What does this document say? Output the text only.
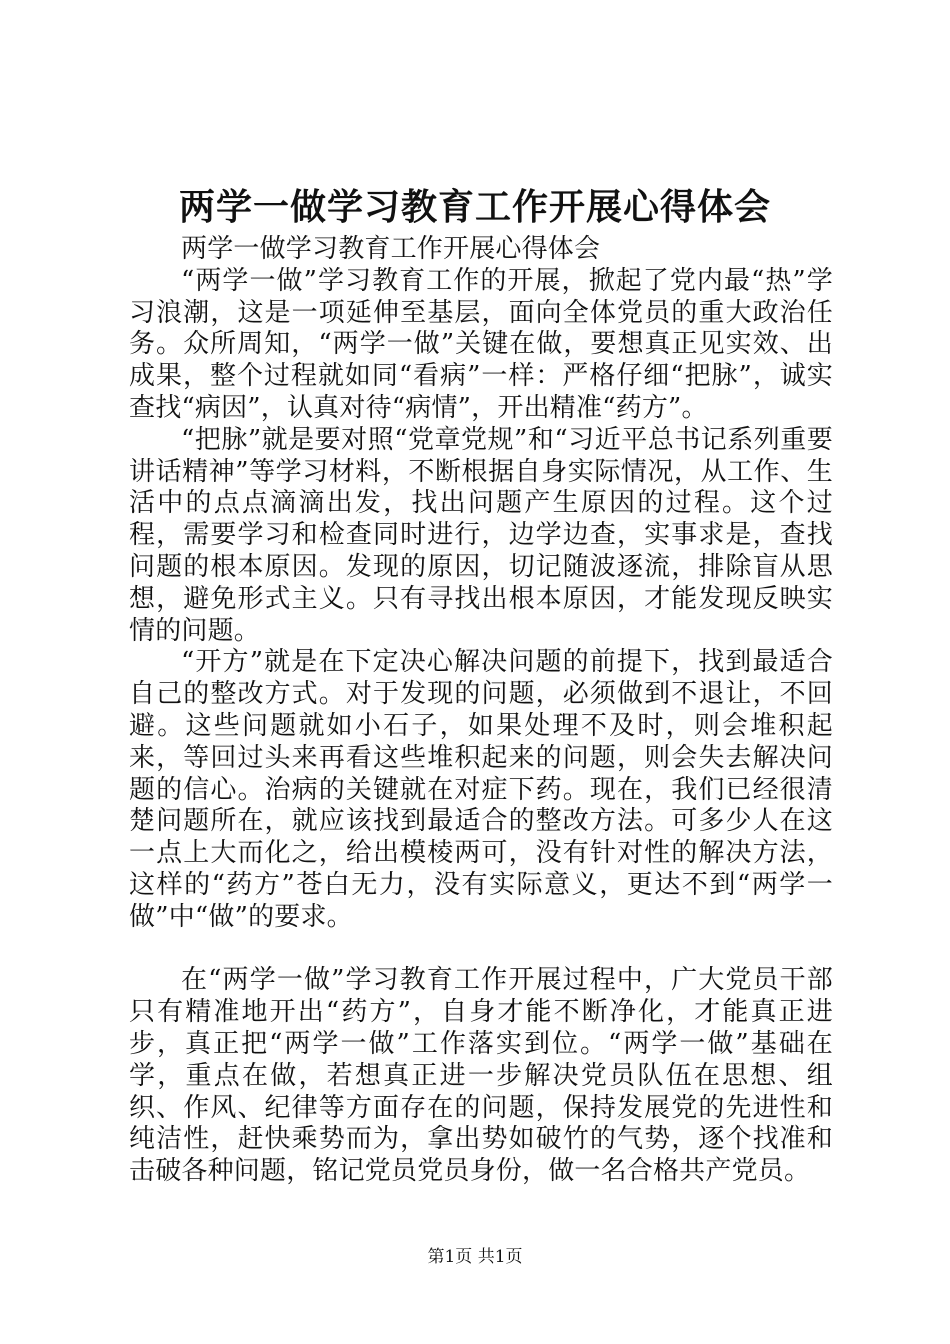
两学一做学习教育工作开展心得体会

两学一做学习教育工作开展心得体会

“两学一做”学习教育工作的开展，掀起了党内最“热”学习浪潮，这是一项延伸至基层，面向全体党员的重大政治任务。众所周知，“两学一做”关键在做，要想真正见实效、出成果，整个过程就如同“看病”一样：严格仔细“把脉”，诚实查找“病因”，认真对待“病情”，开出精准“药方”。

“把脉”就是要对照“党章党规”和“习近平总书记系列重要讲话精神”等学习材料，不断根据自身实际情况，从工作、生活中的点点滴滴出发，找出问题产生原因的过程。这个过程，需要学习和检查同时进行，边学边查，实事求是，查找问题的根本原因。发现的原因，切记随波逐流，排除盲从思想，避免形式主义。只有寻找出根本原因，才能发现反映实情的问题。

“开方”就是在下定决心解决问题的前提下，找到最适合自己的整改方式。对于发现的问题，必须做到不退让，不回避。这些问题就如小石子，如果处理不及时，则会堆积起来，等回过头来再看这些堆积起来的问题，则会失去解决问题的信心。治病的关键就在对症下药。现在，我们已经很清楚问题所在，就应该找到最适合的整改方法。可多少人在这一点上大而化之，给出模棱两可，没有针对性的解决方法，这样的“药方”苍白无力，没有实际意义，更达不到“两学一做”中“做”的要求。

在“两学一做”学习教育工作开展过程中，广大党员干部只有精准地开出“药方”，自身才能不断净化，才能真正进步，真正把“两学一做”工作落实到位。“两学一做”基础在学，重点在做，若想真正进一步解决党员队伍在思想、组织、作风、纪律等方面存在的问题，保持发展党的先进性和纯洁性，赶快乘势而为，拿出势如破竹的气势，逐个找准和击破各种问题，铭记党员党员身份，做一名合格共产党员。

第1页 共1页
